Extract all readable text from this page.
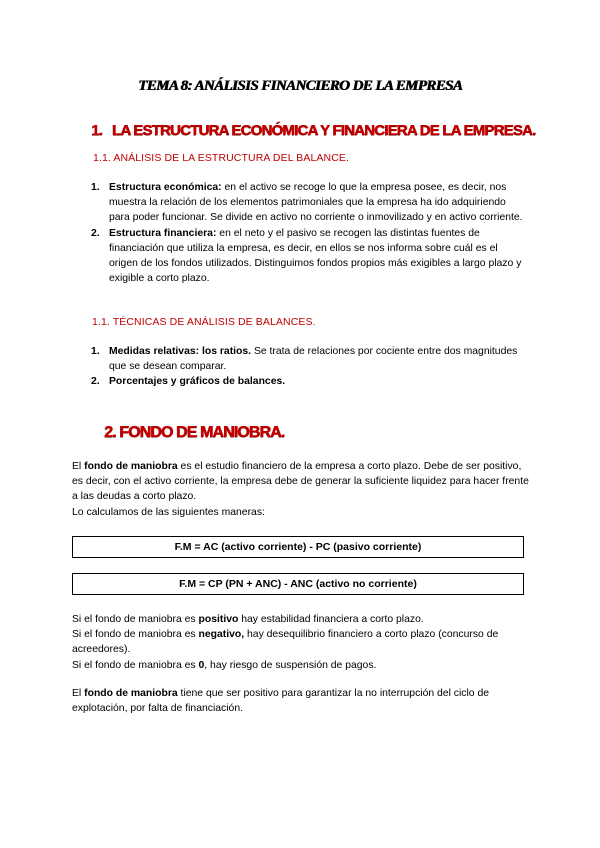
TEMA 8: ANÁLISIS FINANCIERO DE LA EMPRESA
1. LA ESTRUCTURA ECONÓMICA Y FINANCIERA DE LA EMPRESA.
1.1. ANÁLISIS DE LA ESTRUCTURA DEL BALANCE.
1. Estructura económica: en el activo se recoge lo que la empresa posee, es decir, nos muestra la relación de los elementos patrimoniales que la empresa ha ido adquiriendo para poder funcionar. Se divide en activo no corriente o inmovilizado y en activo corriente.
2. Estructura financiera: en el neto y el pasivo se recogen las distintas fuentes de financiación que utiliza la empresa, es decir, en ellos se nos informa sobre cuál es el origen de los fondos utilizados. Distinguimos fondos propios más exigibles a largo plazo y exigible a corto plazo.
1.1. TÉCNICAS DE ANÁLISIS DE BALANCES.
1. Medidas relativas: los ratios. Se trata de relaciones por cociente entre dos magnitudes que se desean comparar.
2. Porcentajes y gráficos de balances.
2. FONDO DE MANIOBRA.

El fondo de maniobra es el estudio financiero de la empresa a corto plazo. Debe de ser positivo, es decir, con el activo corriente, la empresa debe de generar la suficiente liquidez para hacer frente a las deudas a corto plazo.
Lo calculamos de las siguientes maneras:

F.M = AC (activo corriente) - PC (pasivo corriente)
F.M = CP (PN + ANC) - ANC (activo no corriente)

Si el fondo de maniobra es positivo hay estabilidad financiera a corto plazo.
Si el fondo de maniobra es negativo, hay desequilibrio financiero a corto plazo (concurso de acreedores).
Si el fondo de maniobra es 0, hay riesgo de suspensión de pagos.

El fondo de maniobra tiene que ser positivo para garantizar la no interrupción del ciclo de explotación, por falta de financiación.
